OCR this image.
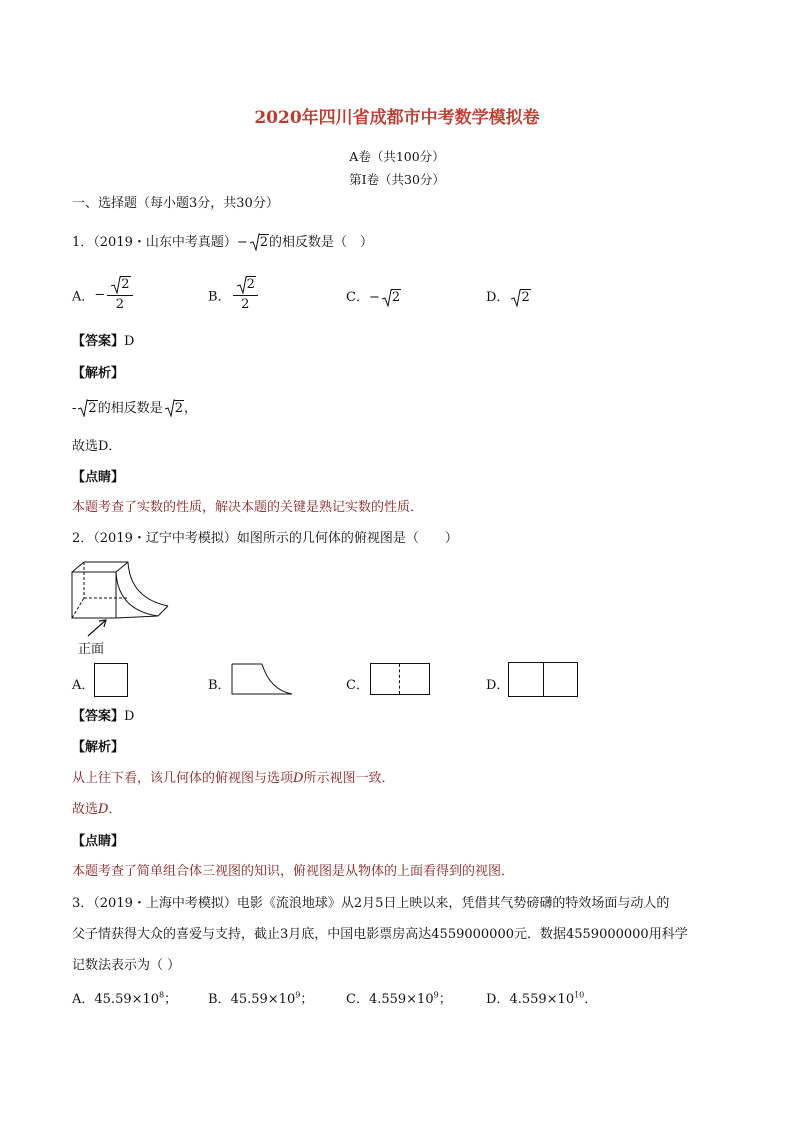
2020年四川省成都市中考数学模拟卷
A卷（共100分）
第Ⅰ卷（共30分）
一、选择题（每小题3分，共30分）
1．（2019・山东中考真题）− 2的相反数是（　）
A．− $\frac{2}{2}$	B． $\frac{2}{2}$	C．− 2	D． 2
【答案】D
【解析】
- 2的相反数是 2，
故选D．
【点睛】
本题考查了实数的性质，解决本题的关键是熟记实数的性质．
2．（2019・辽宁中考模拟）如图所示的几何体的俯视图是（　　）
正面
A．	B．	C．	D．
【答案】D
【解析】
从上往下看，该几何体的俯视图与选项D所示视图一致．
故选D．
【点睛】
本题考查了简单组合体三视图的知识，俯视图是从物体的上面看得到的视图．
3．（2019・上海中考模拟）电影《流浪地球》从2月5日上映以来，凭借其气势磅礴的特效场面与动人的
父子情获得大众的喜爱与支持，截止3月底，中国电影票房高达4559000000元．数据4559000000用科学
记数法表示为（ ）
A．$45.59\times 10^8$； B．$45.59\times 10^9$；	C．$4.559\times 10^9$；	D．$4.559\times 10^{10}$．
